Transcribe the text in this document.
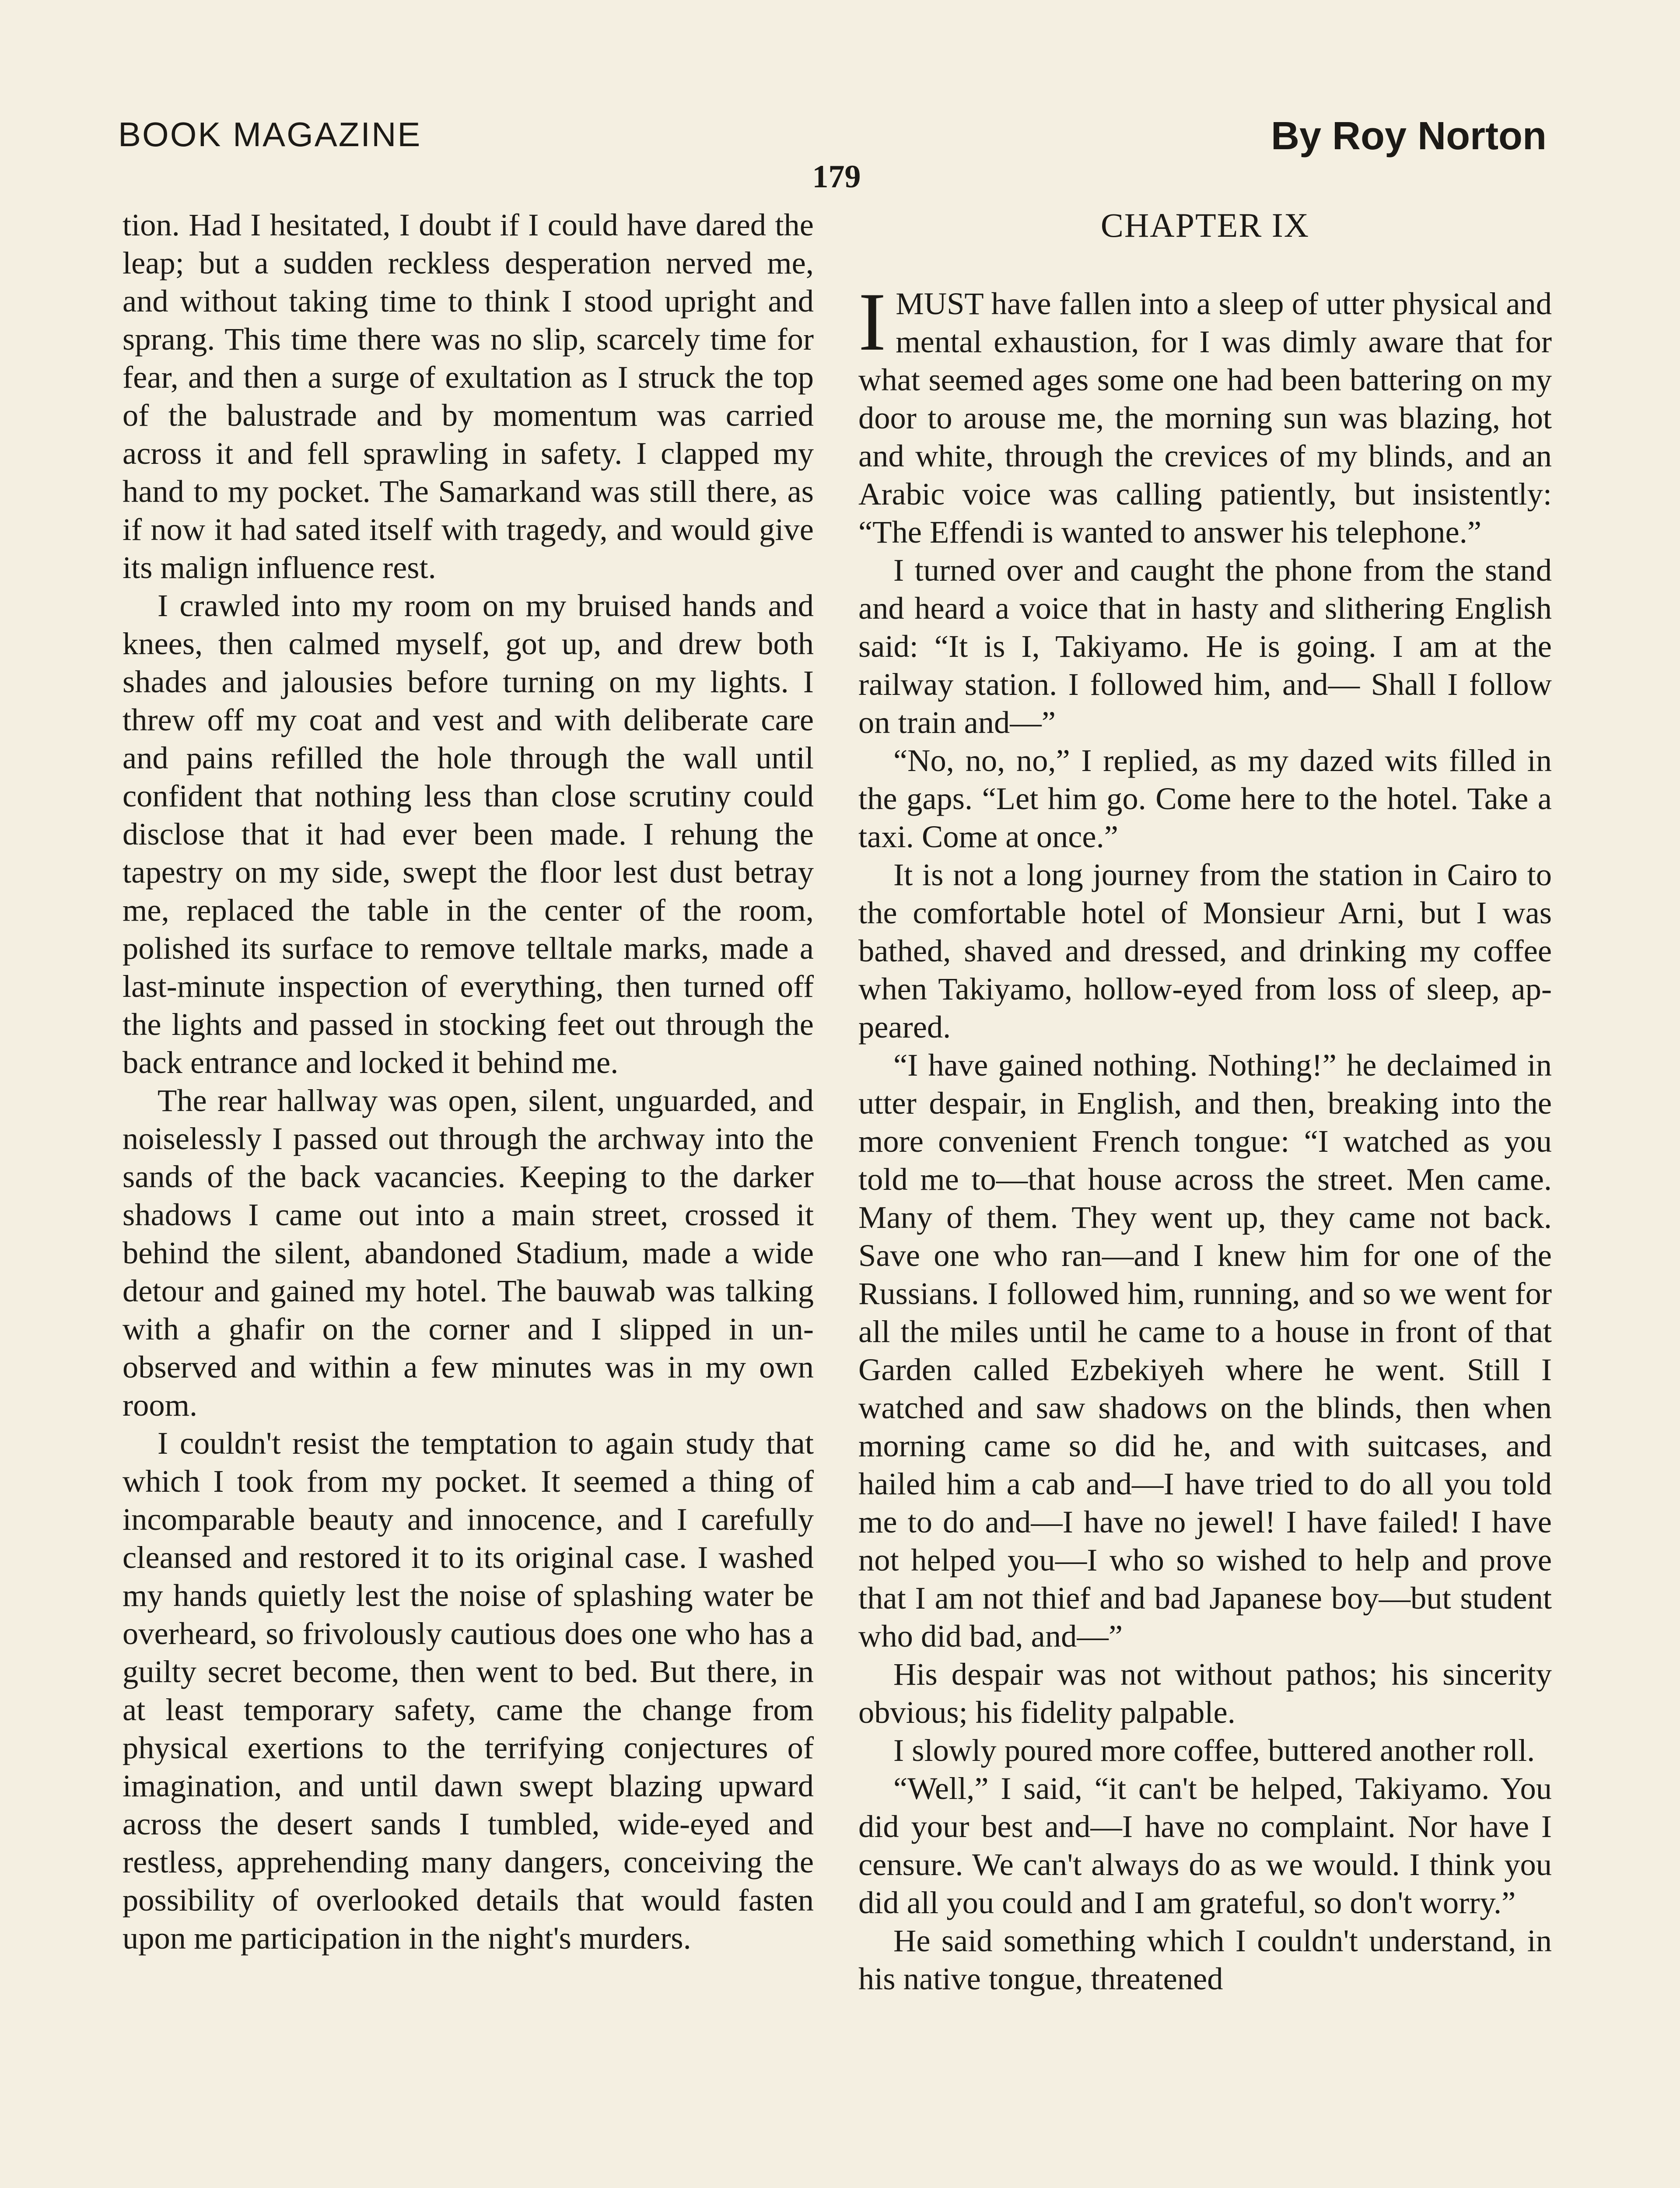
BOOK MAGAZINE	By Roy Norton
179

tion. Had I hesitated, I doubt if I could have dared the leap; but a sudden reckless desperation nerved me, and without taking time to think I stood upright and sprang. This time there was no slip, scarcely time for fear, and then a surge of exultation as I struck the top of the balustrade and by momentum was carried across it and fell sprawling in safety. I clapped my hand to my pocket. The Samarkand was still there, as if now it had sated itself with tragedy, and would give its malign influence rest.

I crawled into my room on my bruised hands and knees, then calmed myself, got up, and drew both shades and jalousies before turning on my lights. I threw off my coat and vest and with deliberate care and pains refilled the hole through the wall until confident that nothing less than close scrutiny could disclose that it had ever been made. I rehung the tapestry on my side, swept the floor lest dust betray me, replaced the table in the center of the room, polished its surface to remove telltale marks, made a last-minute inspection of everything, then turned off the lights and passed in stocking feet out through the back entrance and locked it behind me.

The rear hallway was open, silent, unguarded, and noiselessly I passed out through the archway into the sands of the back vacancies. Keeping to the darker shadows I came out into a main street, crossed it behind the silent, abandoned Stadium, made a wide detour and gained my hotel. The bauwab was talking with a ghafir on the corner and I slipped in unobserved and within a few minutes was in my own room.

I couldn't resist the temptation to again study that which I took from my pocket. It seemed a thing of incomparable beauty and innocence, and I carefully cleansed and restored it to its original case. I washed my hands quietly lest the noise of splashing water be overheard, so frivolously cautious does one who has a guilty secret become, then went to bed. But there, in at least temporary safety, came the change from physical exertions to the terrifying conjectures of imagination, and until dawn swept blazing upward across the desert sands I tumbled, wide-eyed and restless, apprehending many dangers, conceiving the possibility of overlooked details that would fasten upon me participation in the night's murders.

CHAPTER IX

I MUST have fallen into a sleep of utter physical and mental exhaustion, for I was dimly aware that for what seemed ages some one had been battering on my door to arouse me, the morning sun was blazing, hot and white, through the crevices of my blinds, and an Arabic voice was calling patiently, but insistently: “The Effendi is wanted to answer his telephone.”

I turned over and caught the phone from the stand and heard a voice that in hasty and slithering English said: “It is I, Takiyamo. He is going. I am at the railway station. I followed him, and— Shall I follow on train and—”

“No, no, no,” I replied, as my dazed wits filled in the gaps. “Let him go. Come here to the hotel. Take a taxi. Come at once.”

It is not a long journey from the station in Cairo to the comfortable hotel of Monsieur Arni, but I was bathed, shaved and dressed, and drinking my coffee when Takiyamo, hollow-eyed from loss of sleep, appeared.

“I have gained nothing. Nothing!” he declaimed in utter despair, in English, and then, breaking into the more convenient French tongue: “I watched as you told me to—that house across the street. Men came. Many of them. They went up, they came not back. Save one who ran—and I knew him for one of the Russians. I followed him, running, and so we went for all the miles until he came to a house in front of that Garden called Ezbekiyeh where he went. Still I watched and saw shadows on the blinds, then when morning came so did he, and with suitcases, and hailed him a cab and—I have tried to do all you told me to do and—I have no jewel! I have failed! I have not helped you—I who so wished to help and prove that I am not thief and bad Japanese boy—but student who did bad, and—”

His despair was not without pathos; his sincerity obvious; his fidelity palpable.

I slowly poured more coffee, buttered another roll.

“Well,” I said, “it can't be helped, Takiyamo. You did your best and—I have no complaint. Nor have I censure. We can't always do as we would. I think you did all you could and I am grateful, so don't worry.”

He said something which I couldn't understand, in his native tongue, threatened
